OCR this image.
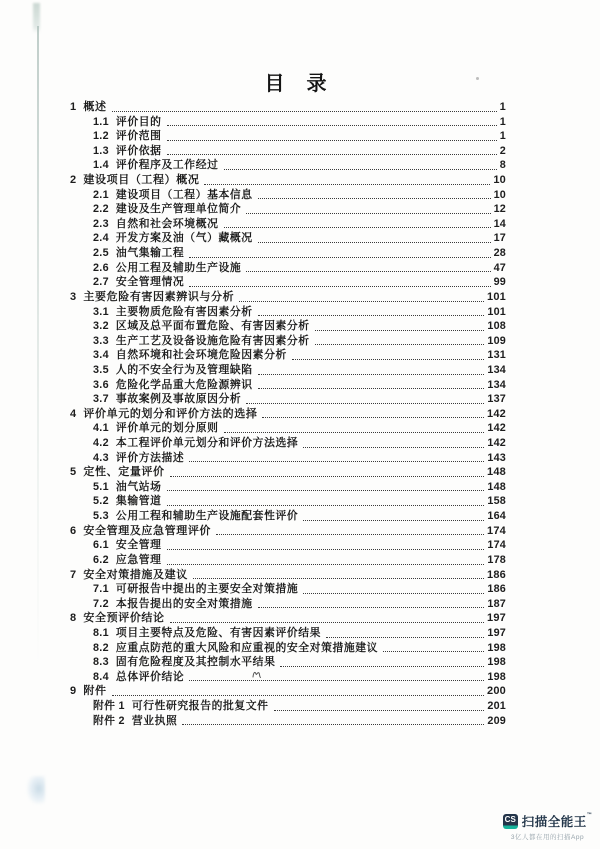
目　录
1 概述	1
1.1 评价目的	1
1.2 评价范围	1
1.3 评价依据	2
1.4 评价程序及工作经过	8
2 建设项目（工程）概况	10
2.1 建设项目（工程）基本信息	10
2.2 建设及生产管理单位简介	12
2.3 自然和社会环境概况	14
2.4 开发方案及油（气）藏概况	17
2.5 油气集输工程	28
2.6 公用工程及辅助生产设施	47
2.7 安全管理情况	99
3 主要危险有害因素辨识与分析	101
3.1 主要物质危险有害因素分析	101
3.2 区域及总平面布置危险、有害因素分析	108
3.3 生产工艺及设备设施危险有害因素分析	109
3.4 自然环境和社会环境危险因素分析	131
3.5 人的不安全行为及管理缺陷	134
3.6 危险化学品重大危险源辨识	134
3.7 事故案例及事故原因分析	137
4 评价单元的划分和评价方法的选择	142
4.1 评价单元的划分原则	142
4.2 本工程评价单元划分和评价方法选择	142
4.3 评价方法描述	143
5 定性、定量评价	148
5.1 油气站场	148
5.2 集输管道	158
5.3 公用工程和辅助生产设施配套性评价	164
6 安全管理及应急管理评价	174
6.1 安全管理	174
6.2 应急管理	178
7 安全对策措施及建议	186
7.1 可研报告中提出的主要安全对策措施	186
7.2 本报告提出的安全对策措施	187
8 安全预评价结论	197
8.1 项目主要特点及危险、有害因素评价结果	197
8.2 应重点防范的重大风险和应重视的安全对策措施建议	198
8.3 固有危险程度及其控制水平结果	198
8.4 总体评价结论	198
9 附件	200
附件 1 可行性研究报告的批复文件	201
附件 2 营业执照	209
CS 扫描全能王™
3亿人都在用的扫描App
